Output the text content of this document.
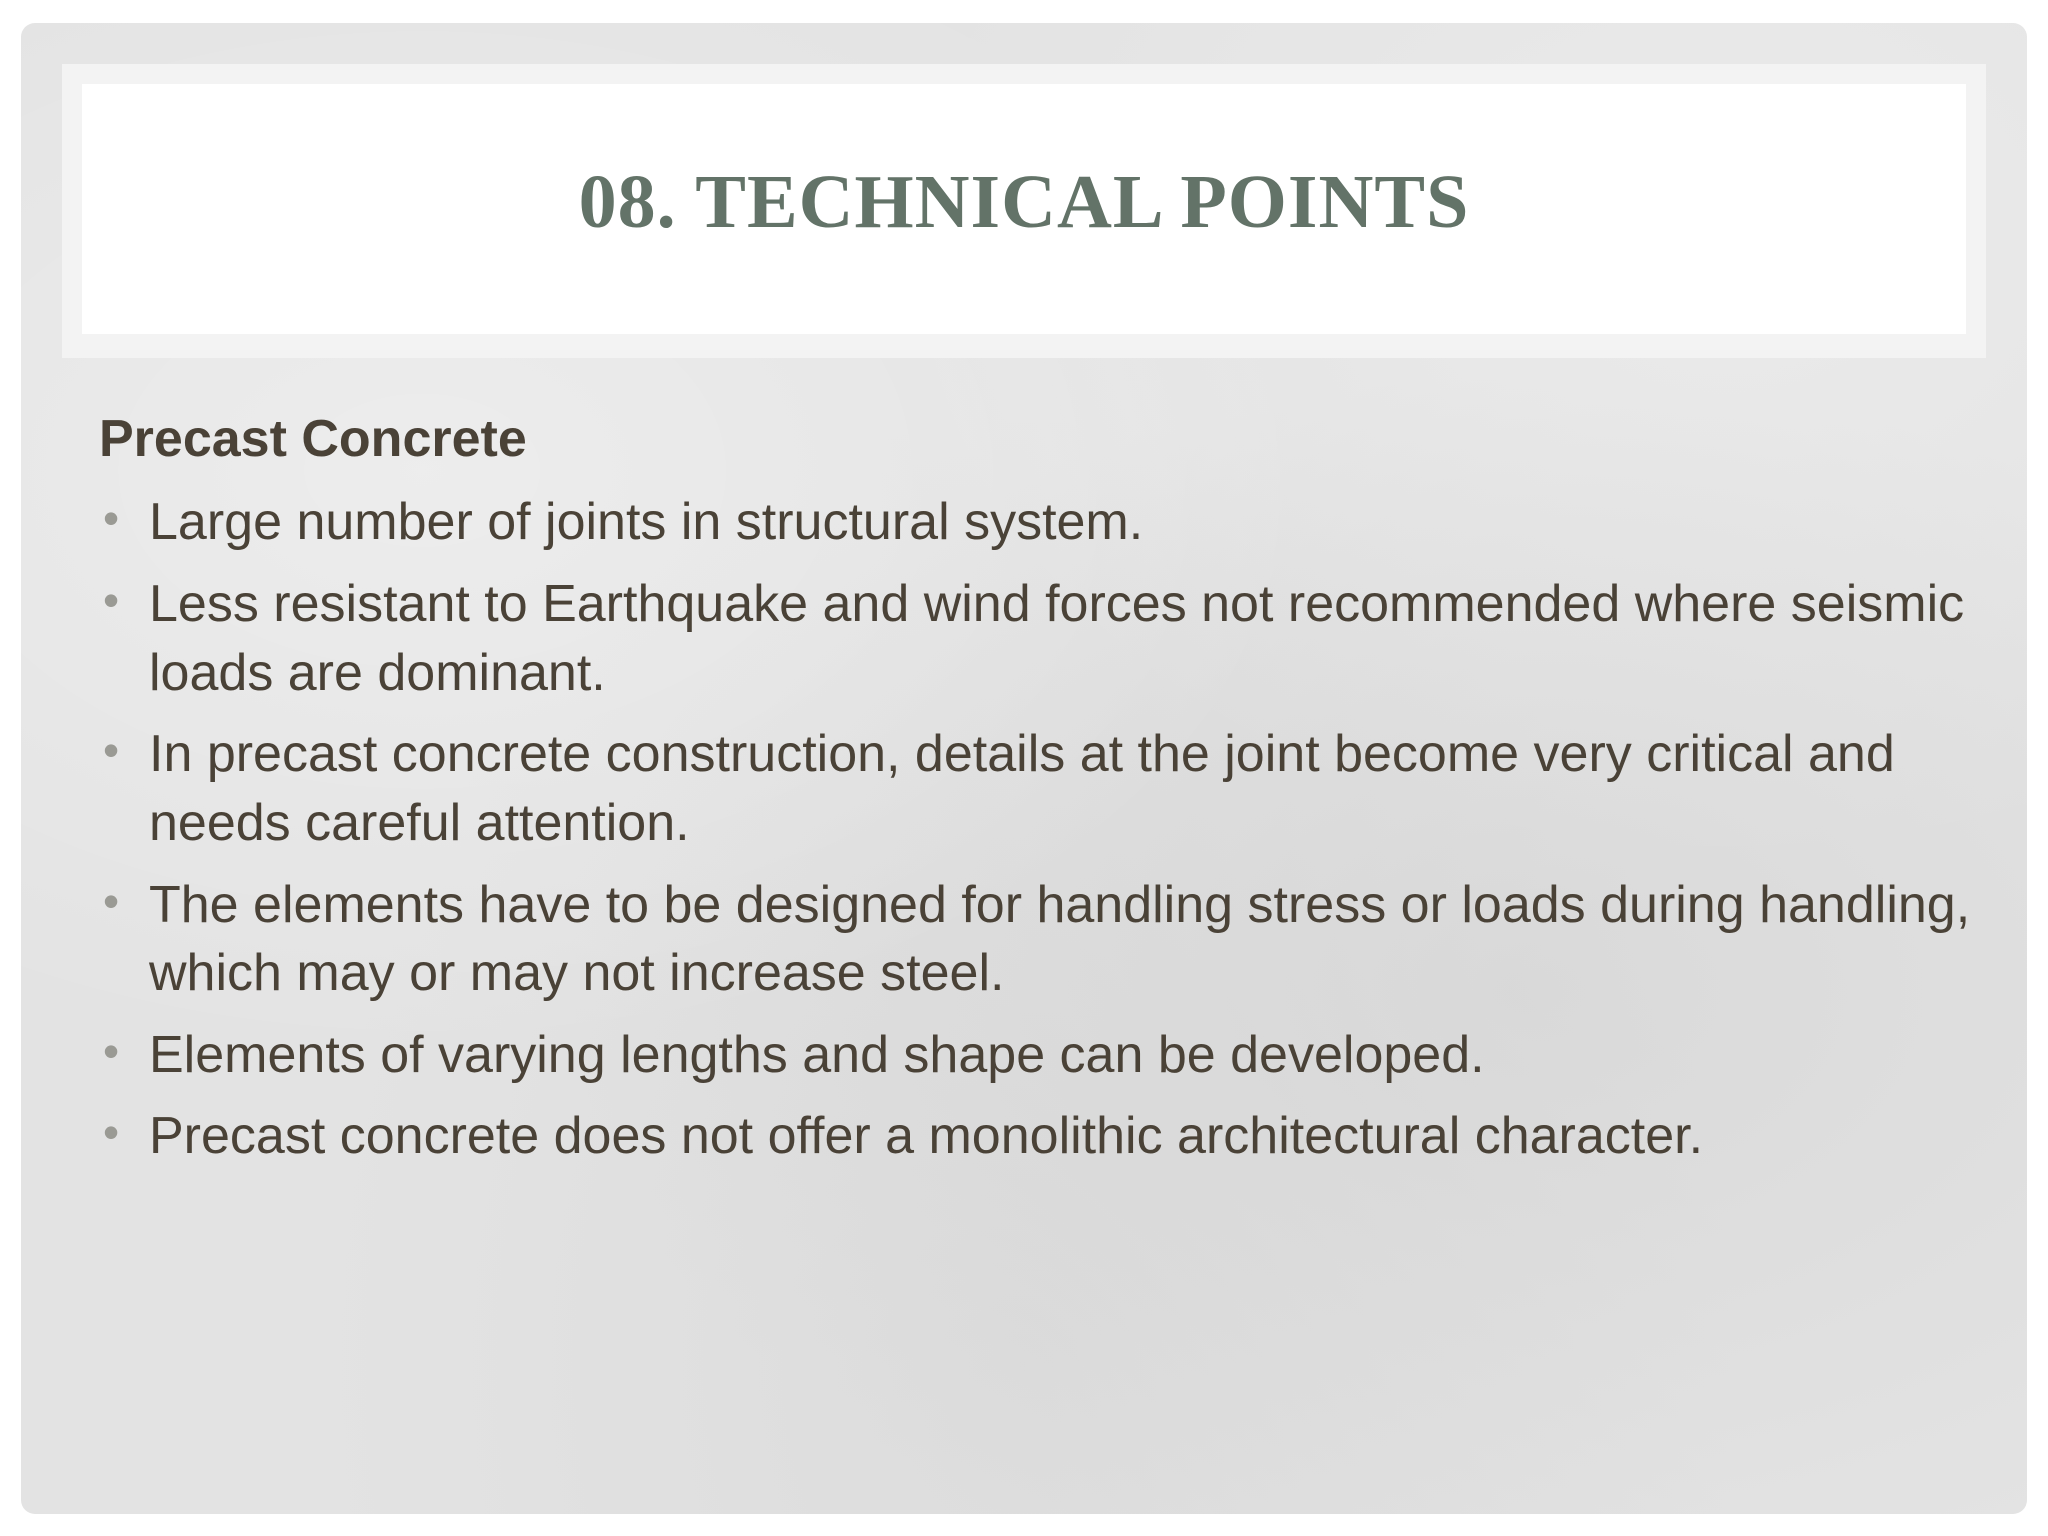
08. TECHNICAL POINTS
Precast Concrete
• Large number of joints in structural system.
• Less resistant to Earthquake and wind forces not recommended where seismic loads are dominant.
• In precast concrete construction, details at the joint become very critical and needs careful attention.
• The elements have to be designed for handling stress or loads during handling, which may or may not increase steel.
• Elements of varying lengths and shape can be developed.
• Precast concrete does not offer a monolithic architectural character.
